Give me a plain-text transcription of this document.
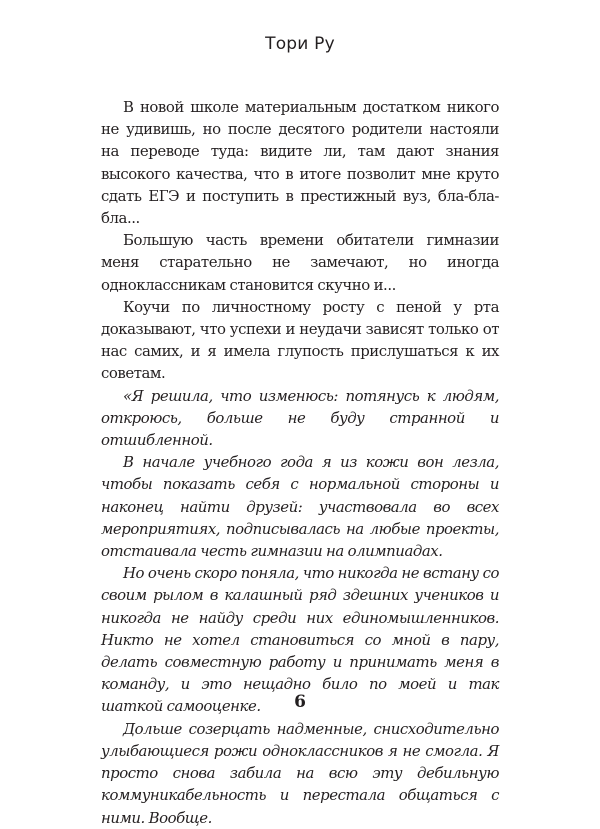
Тори Ру

В новой школе материальным достатком никого не удивишь, но после десятого родители настояли на переводе туда: видите ли, там дают знания высокого качества, что в итоге позволит мне круто сдать ЕГЭ и поступить в престижный вуз, бла-бла-бла...

Большую часть времени обитатели гимназии меня старательно не замечают, но иногда одноклассникам становится скучно и...

Коучи по личностному росту с пеной у рта доказывают, что успехи и неудачи зависят только от нас самих, и я имела глупость прислушаться к их советам.

«Я решила, что изменюсь: потянусь к людям, откроюсь, больше не буду странной и отшибленной.

В начале учебного года я из кожи вон лезла, чтобы показать себя с нормальной стороны и наконец найти друзей: участвовала во всех мероприятиях, подписывалась на любые проекты, отстаивала честь гимназии на олимпиадах.

Но очень скоро поняла, что никогда не встану со своим рылом в калашный ряд здешних учеников и никогда не найду среди них единомышленников. Никто не хотел становиться со мной в пару, делать совместную работу и принимать меня в команду, и это нещадно било по моей и так шаткой самооценке.

Дольше созерцать надменные, снисходительно улыбающиеся рожи одноклассников я не смогла. Я просто снова забила на всю эту дебильную коммуникабельность и перестала общаться с ними. Вообще.

6
